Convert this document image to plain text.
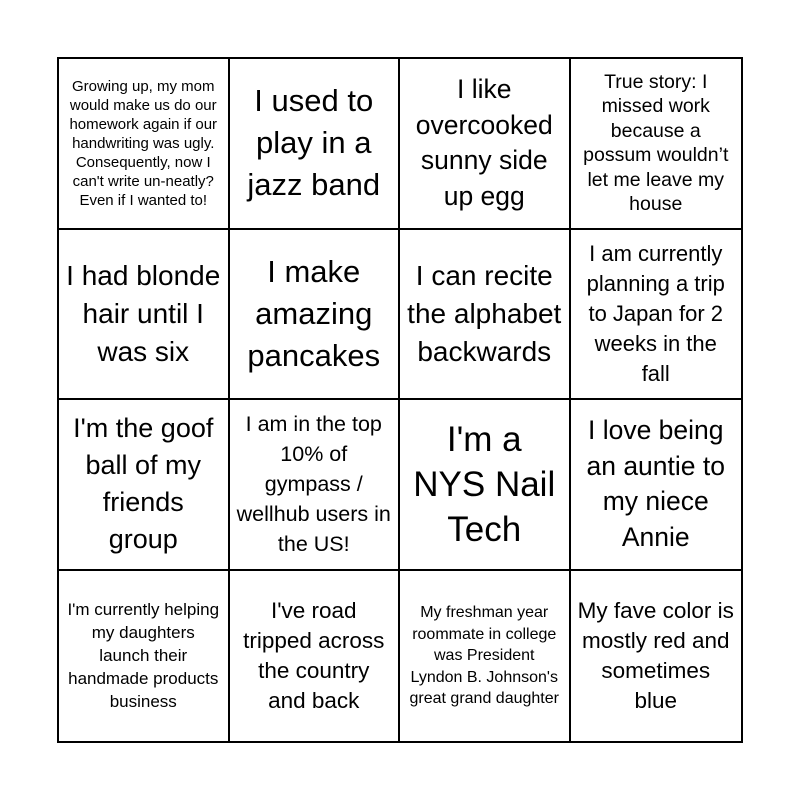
Growing up, my mom would make us do our homework again if our handwriting was ugly. Consequently, now I can't write un-neatly? Even if I wanted to!
I used to play in a jazz band
I like overcooked sunny side up egg
True story: I missed work because a possum wouldn’t let me leave my house
I had blonde hair until I was six
I make amazing pancakes
I can recite the alphabet backwards
I am currently planning a trip to Japan for 2 weeks in the fall
I'm the goof ball of my friends group
I am in the top 10% of gympass / wellhub users in the US!
I'm a NYS Nail Tech
I love being an auntie to my niece Annie
I'm currently helping my daughters launch their handmade products business
I've road tripped across the country and back
My freshman year roommate in college was President Lyndon B. Johnson's great grand daughter
My fave color is mostly red and sometimes blue
